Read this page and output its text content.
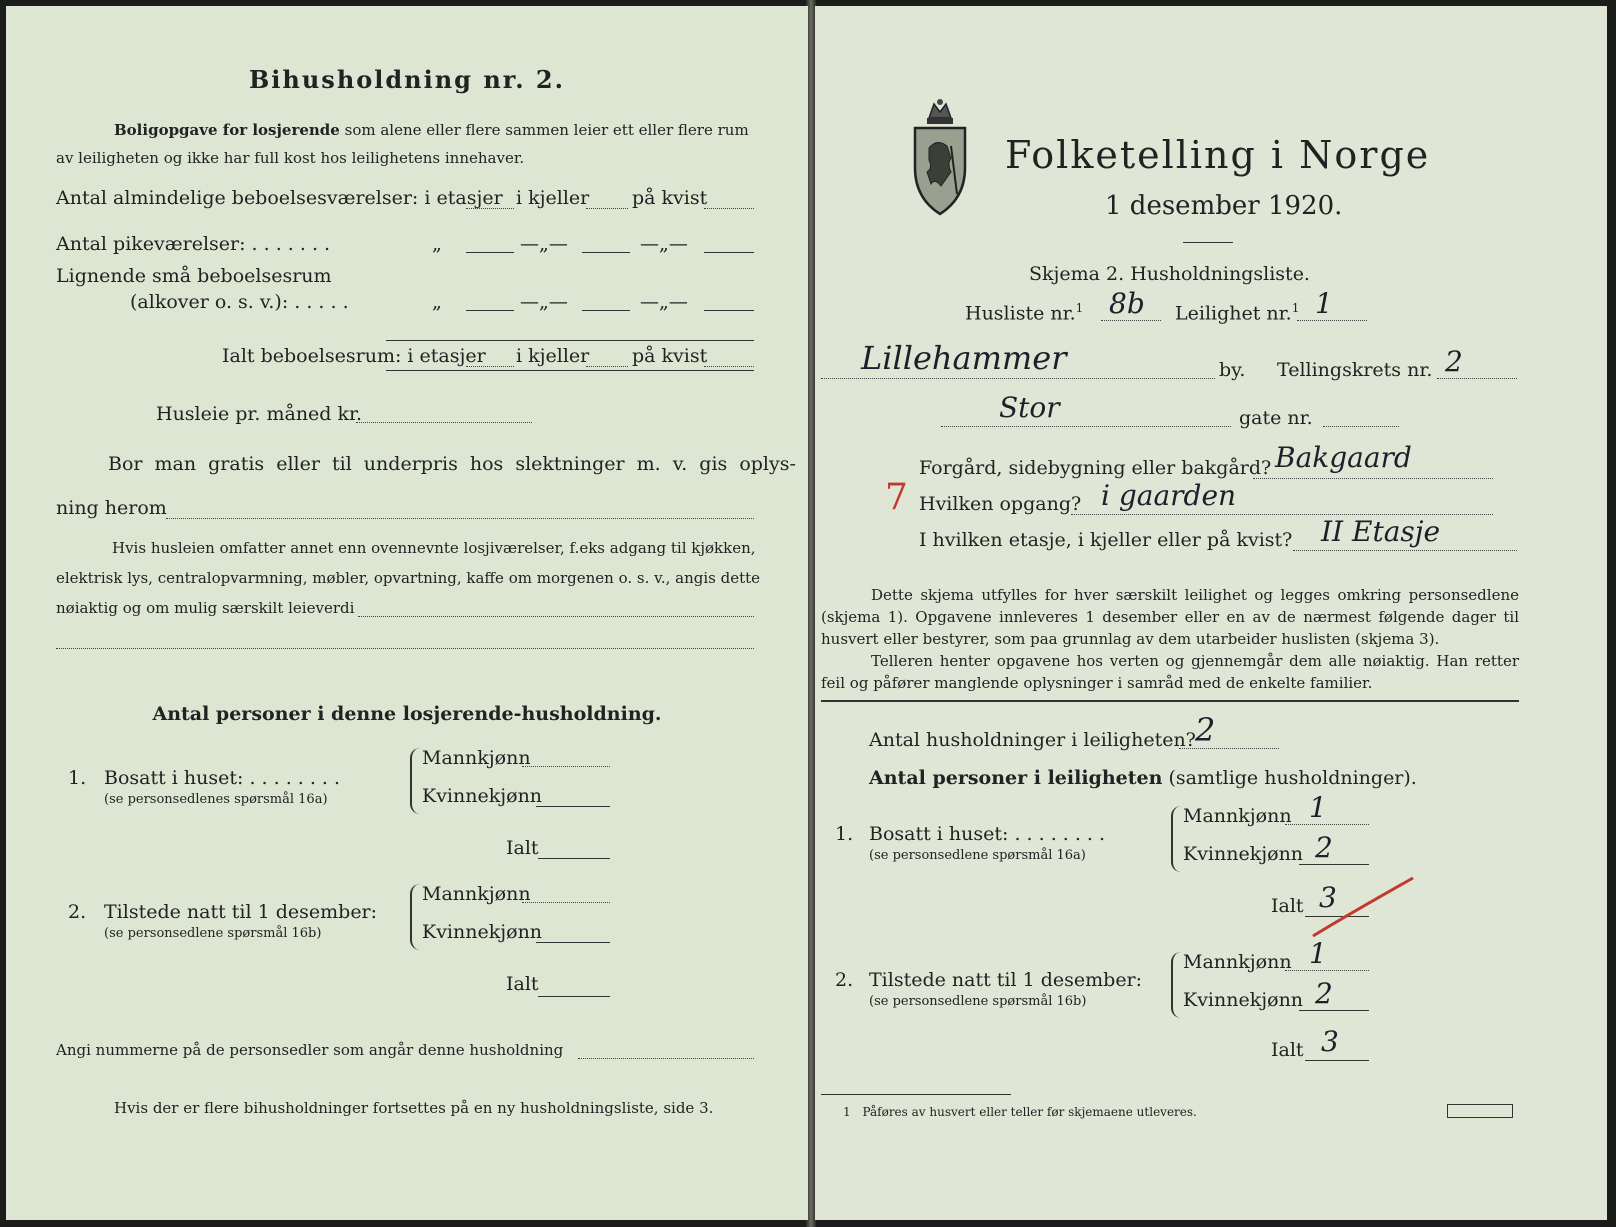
Bihusholdning nr. 2.
Boligopgave for losjerende som alene eller flere sammen leier ett eller flere rum
av leiligheten og ikke har full kost hos leilighetens innehaver.
Antal almindelige beboelsesværelser: i etasjer i kjeller på kvist
Antal pikeværelser: . . . . . . .	„	—„—	—„—
Lignende små beboelsesrum
(alkover o. s. v.): . . . . .	„	—„—	—„—
Ialt beboelsesrum: i etasjer i kjeller på kvist
Husleie pr. måned kr.
Bor man gratis eller til underpris hos slektninger m. v. gis oplys-
ning herom
Hvis husleien omfatter annet enn ovennevnte losjiværelser, f.eks adgang til kjøkken,
elektrisk lys, centralopvarmning, møbler, opvartning, kaffe om morgenen o. s. v., angis dette
nøiaktig og om mulig særskilt leieverdi
Antal personer i denne losjerende-husholdning.
1. Bosatt i huset: . . . . . . . .
(se personsedlenes spørsmål 16a)
Mannkjønn
Kvinnekjønn
Ialt
2. Tilstede natt til 1 desember:
(se personsedlene spørsmål 16b)
Mannkjønn
Kvinnekjønn
Ialt
Angi nummerne på de personsedler som angår denne husholdning
Hvis der er flere bihusholdninger fortsettes på en ny husholdningsliste, side 3.
Folketelling i Norge
1 desember 1920.
Skjema 2. Husholdningsliste.
Husliste nr.$^1$ 8b Leilighet nr.$^1$ 1
Lillehammer	by. Tellingskrets nr. 2
Stor	gate nr.
Forgård, sidebygning eller bakgård? Bakgaard
7 Hvilken opgang? i gaarden
I hvilken etasje, i kjeller eller på kvist? II Etasje
Dette skjema utfylles for hver særskilt leilighet og legges omkring personsedlene (skjema 1). Opgavene innleveres 1 desember eller en av de nærmest følgende dager til husvert eller bestyrer, som paa grunnlag av dem utarbeider huslisten (skjema 3).
Telleren henter opgavene hos verten og gjennemgår dem alle nøiaktig. Han retter feil og påfører manglende oplysninger i samråd med de enkelte familier.
Antal husholdninger i leiligheten? 2
Antal personer i leiligheten (samtlige husholdninger).
1. Bosatt i huset: . . . . . . . .
(se personsedlene spørsmål 16a)
Mannkjønn 1
Kvinnekjønn 2
Ialt 3
2. Tilstede natt til 1 desember:
(se personsedlene spørsmål 16b)
Mannkjønn 1
Kvinnekjønn 2
Ialt 3
1 Påføres av husvert eller teller før skjemaene utleveres.
